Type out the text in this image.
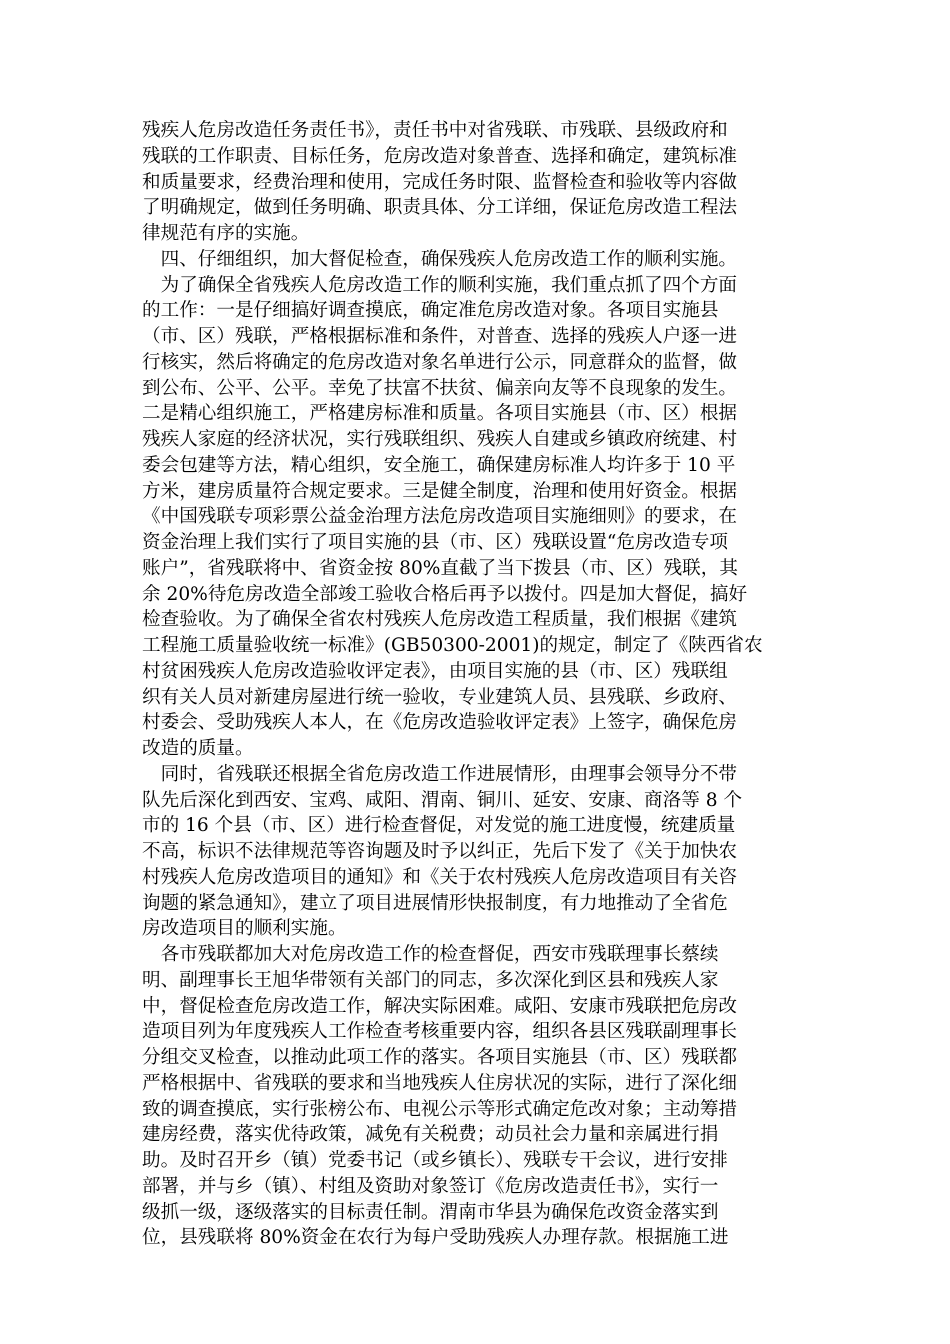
残疾人危房改造任务责任书》，责任书中对省残联、市残联、县级政府和
残联的工作职责、目标任务，危房改造对象普查、选择和确定，建筑标准
和质量要求，经费治理和使用，完成任务时限、监督检查和验收等内容做
了明确规定，做到任务明确、职责具体、分工详细，保证危房改造工程法
律规范有序的实施。
　四、仔细组织，加大督促检查，确保残疾人危房改造工作的顺利实施。
　为了确保全省残疾人危房改造工作的顺利实施，我们重点抓了四个方面
的工作：一是仔细搞好调查摸底，确定准危房改造对象。各项目实施县
（市、区）残联，严格根据标准和条件，对普查、选择的残疾人户逐一进
行核实，然后将确定的危房改造对象名单进行公示，同意群众的监督，做
到公布、公平、公平。幸免了扶富不扶贫、偏亲向友等不良现象的发生。
二是精心组织施工，严格建房标准和质量。各项目实施县（市、区）根据
残疾人家庭的经济状况，实行残联组织、残疾人自建或乡镇政府统建、村
委会包建等方法，精心组织，安全施工，确保建房标准人均许多于 10 平
方米，建房质量符合规定要求。三是健全制度，治理和使用好资金。根据
《中国残联专项彩票公益金治理方法危房改造项目实施细则》的要求，在
资金治理上我们实行了项目实施的县（市、区）残联设置“危房改造专项
账户”，省残联将中、省资金按 80%直截了当下拨县（市、区）残联，其
余 20%待危房改造全部竣工验收合格后再予以拨付。四是加大督促，搞好
检查验收。为了确保全省农村残疾人危房改造工程质量，我们根据《建筑
工程施工质量验收统一标准》(GB50300-2001)的规定，制定了《陕西省农
村贫困残疾人危房改造验收评定表》，由项目实施的县（市、区）残联组
织有关人员对新建房屋进行统一验收，专业建筑人员、县残联、乡政府、
村委会、受助残疾人本人，在《危房改造验收评定表》上签字，确保危房
改造的质量。
　同时，省残联还根据全省危房改造工作进展情形，由理事会领导分不带
队先后深化到西安、宝鸡、咸阳、渭南、铜川、延安、安康、商洛等 8 个
市的 16 个县（市、区）进行检查督促，对发觉的施工进度慢，统建质量
不高，标识不法律规范等咨询题及时予以纠正，先后下发了《关于加快农
村残疾人危房改造项目的通知》和《关于农村残疾人危房改造项目有关咨
询题的紧急通知》，建立了项目进展情形快报制度，有力地推动了全省危
房改造项目的顺利实施。
　各市残联都加大对危房改造工作的检查督促，西安市残联理事长蔡续
明、副理事长王旭华带领有关部门的同志，多次深化到区县和残疾人家
中，督促检查危房改造工作，解决实际困难。咸阳、安康市残联把危房改
造项目列为年度残疾人工作检查考核重要内容，组织各县区残联副理事长
分组交叉检查，以推动此项工作的落实。各项目实施县（市、区）残联都
严格根据中、省残联的要求和当地残疾人住房状况的实际，进行了深化细
致的调查摸底，实行张榜公布、电视公示等形式确定危改对象；主动筹措
建房经费，落实优待政策，减免有关税费；动员社会力量和亲属进行捐
助。及时召开乡（镇）党委书记（或乡镇长）、残联专干会议，进行安排
部署，并与乡（镇）、村组及资助对象签订《危房改造责任书》，实行一
级抓一级，逐级落实的目标责任制。渭南市华县为确保危改资金落实到
位，县残联将 80%资金在农行为每户受助残疾人办理存款。根据施工进
